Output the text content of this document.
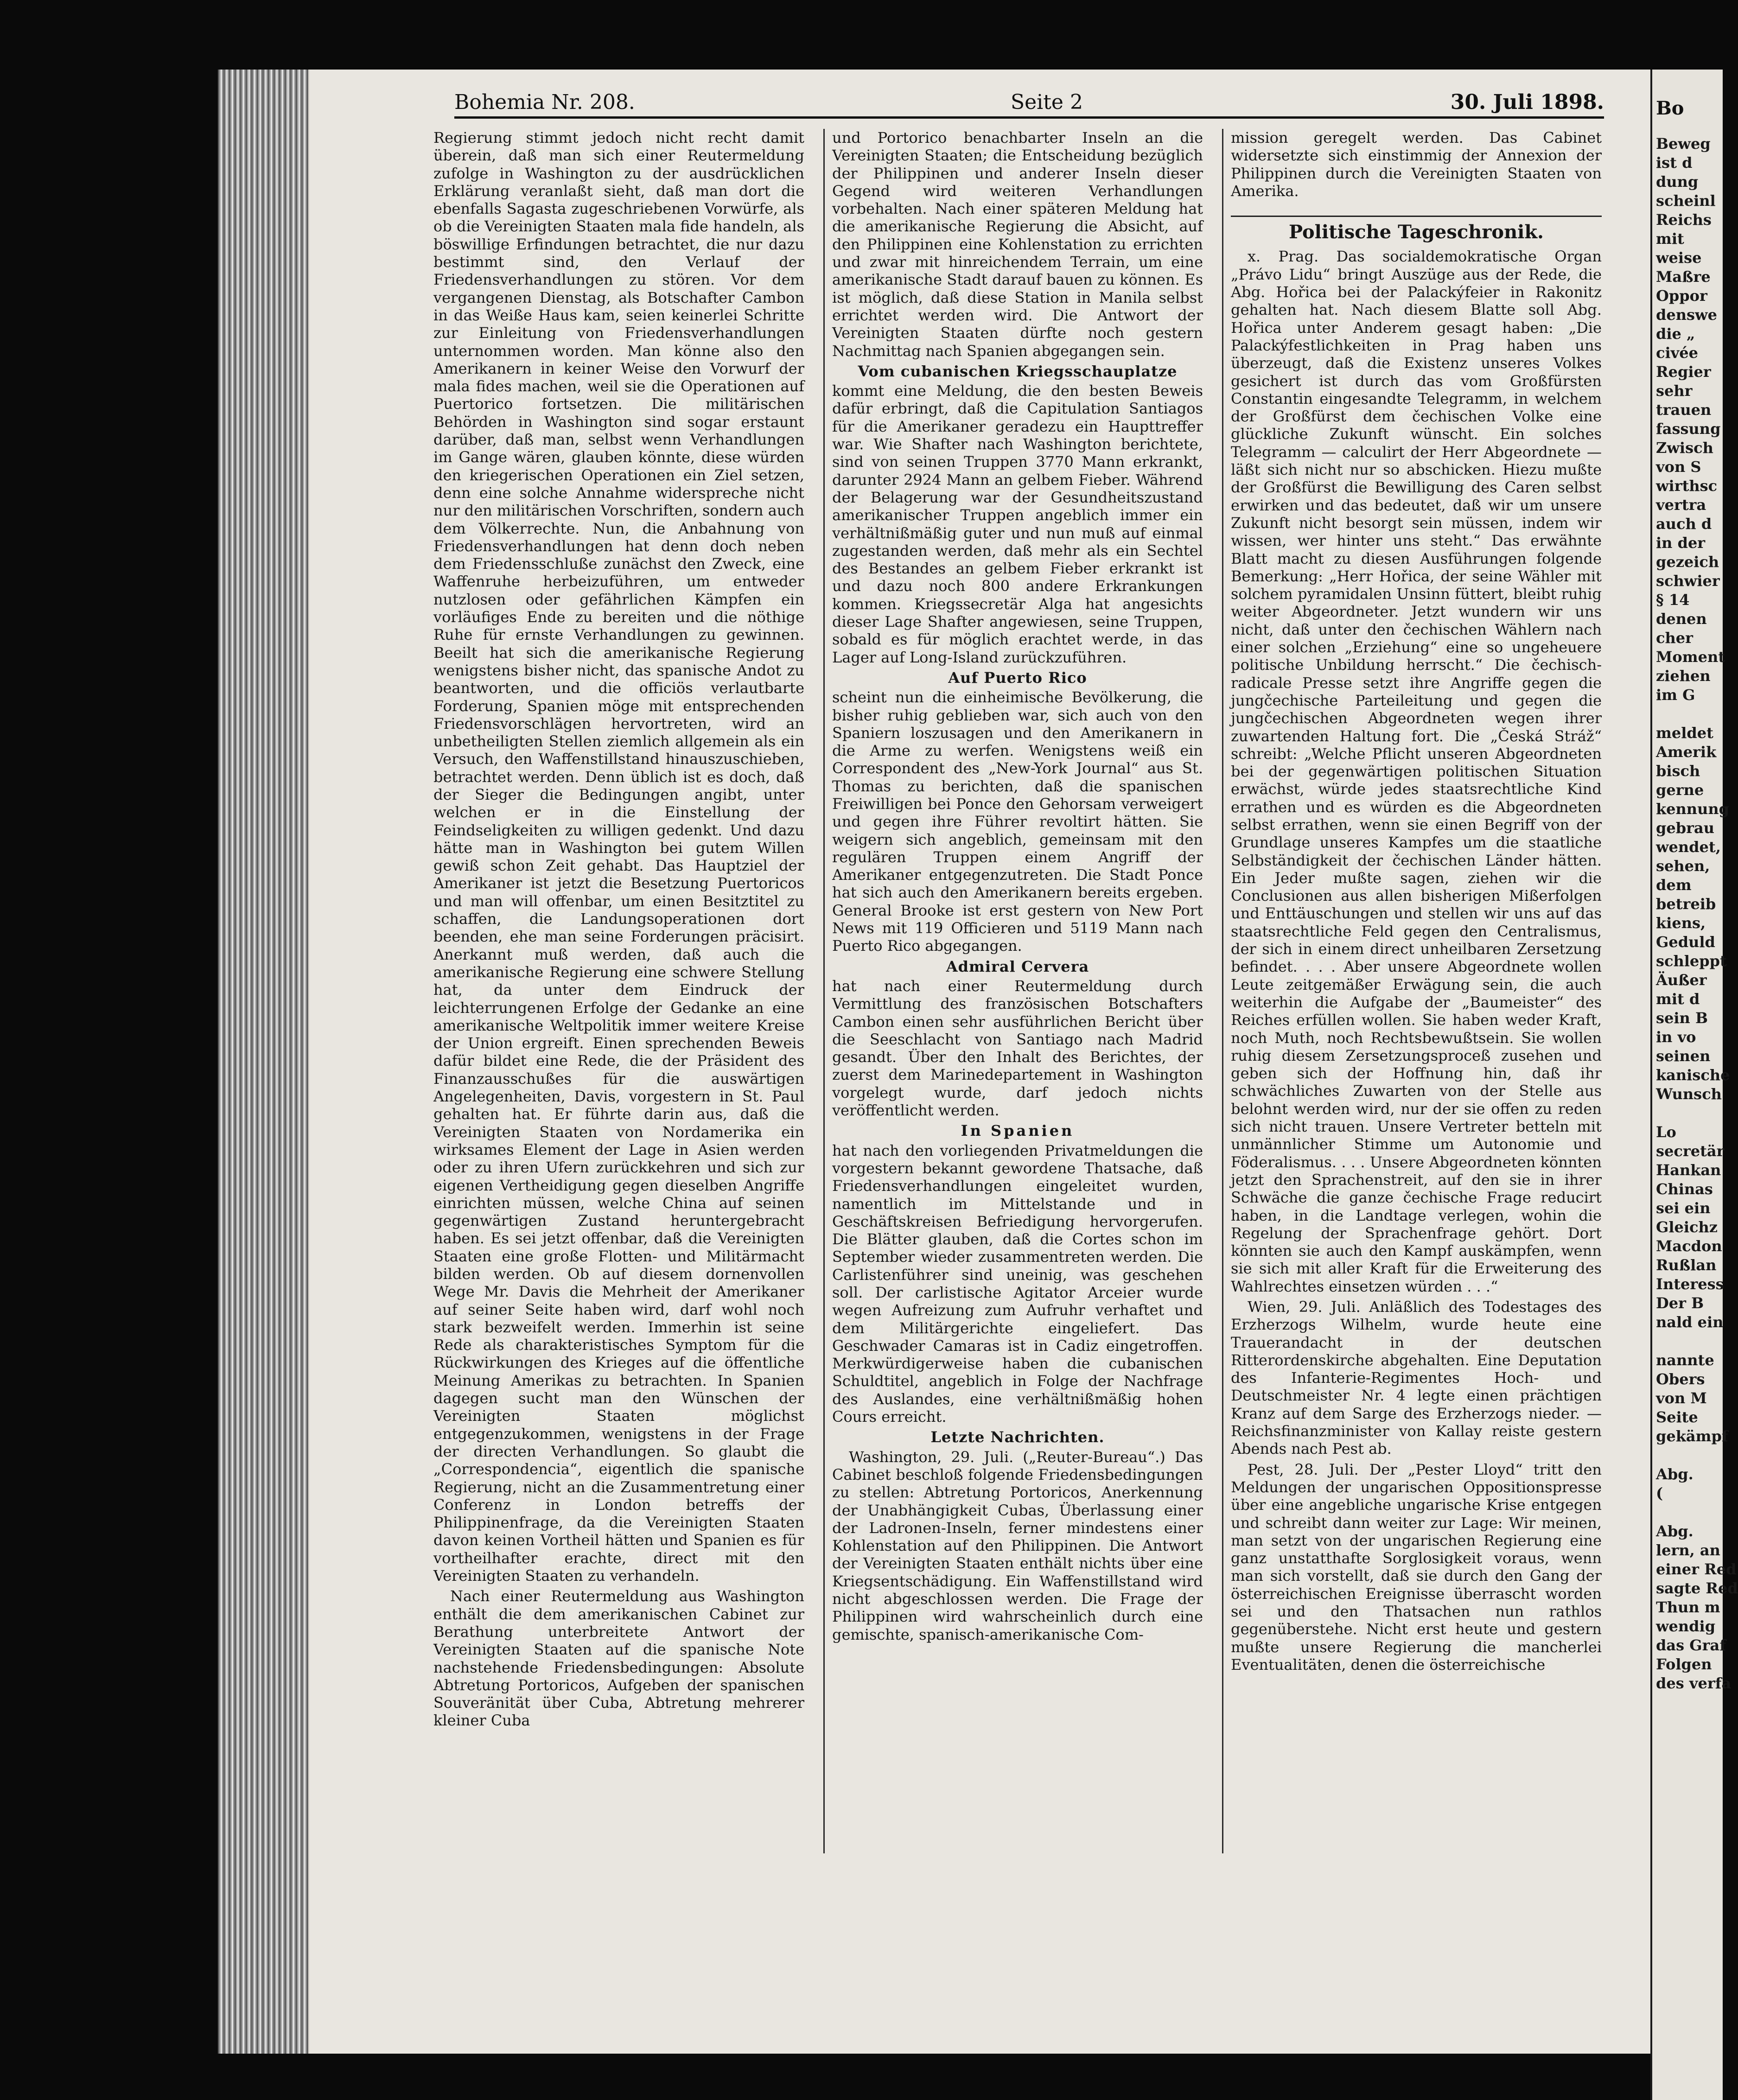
Bohemia Nr. 208.	Seite 2	30. Juli 1898.

Regierung stimmt jedoch nicht recht damit überein, daß man sich einer Reutermeldung zufolge in Washington zu der ausdrücklichen Erklärung veranlaßt sieht, daß man dort die ebenfalls Sagasta zugeschriebenen Vorwürfe, als ob die Vereinigten Staaten mala fide handeln, als böswillige Erfindungen betrachtet, die nur dazu bestimmt sind, den Verlauf der Friedensverhandlungen zu stören. Vor dem vergangenen Dienstag, als Botschafter Cambon in das Weiße Haus kam, seien keinerlei Schritte zur Einleitung von Friedensverhandlungen unternommen worden. Man könne also den Amerikanern in keiner Weise den Vorwurf der mala fides machen, weil sie die Operationen auf Puertorico fortsetzen. Die militärischen Behörden in Washington sind sogar erstaunt darüber, daß man, selbst wenn Verhandlungen im Gange wären, glauben könnte, diese würden den kriegerischen Operationen ein Ziel setzen, denn eine solche Annahme widerspreche nicht nur den militärischen Vorschriften, sondern auch dem Völkerrechte. Nun, die Anbahnung von Friedensverhandlungen hat denn doch neben dem Friedensschluße zunächst den Zweck, eine Waffenruhe herbeizuführen, um entweder nutzlosen oder gefährlichen Kämpfen ein vorläufiges Ende zu bereiten und die nöthige Ruhe für ernste Verhandlungen zu gewinnen. Beeilt hat sich die amerikanische Regierung wenigstens bisher nicht, das spanische Andot zu beantworten, und die officiös verlautbarte Forderung, Spanien möge mit entsprechenden Friedensvorschlägen hervortreten, wird an unbetheiligten Stellen ziemlich allgemein als ein Versuch, den Waffenstillstand hinauszuschieben, betrachtet werden. Denn üblich ist es doch, daß der Sieger die Bedingungen angibt, unter welchen er in die Einstellung der Feindseligkeiten zu willigen gedenkt. Und dazu hätte man in Washington bei gutem Willen gewiß schon Zeit gehabt. Das Hauptziel der Amerikaner ist jetzt die Besetzung Puertoricos und man will offenbar, um einen Besitztitel zu schaffen, die Landungsoperationen dort beenden, ehe man seine Forderungen präcisirt. Anerkannt muß werden, daß auch die amerikanische Regierung eine schwere Stellung hat, da unter dem Eindruck der leichterrungenen Erfolge der Gedanke an eine amerikanische Weltpolitik immer weitere Kreise der Union ergreift. Einen sprechenden Beweis dafür bildet eine Rede, die der Präsident des Finanzausschußes für die auswärtigen Angelegenheiten, Davis, vorgestern in St. Paul gehalten hat. Er führte darin aus, daß die Vereinigten Staaten von Nordamerika ein wirksames Element der Lage in Asien werden oder zu ihren Ufern zurückkehren und sich zur eigenen Vertheidigung gegen dieselben Angriffe einrichten müssen, welche China auf seinen gegenwärtigen Zustand heruntergebracht haben. Es sei jetzt offenbar, daß die Vereinigten Staaten eine große Flotten- und Militärmacht bilden werden. Ob auf diesem dornenvollen Wege Mr. Davis die Mehrheit der Amerikaner auf seiner Seite haben wird, darf wohl noch stark bezweifelt werden. Immerhin ist seine Rede als charakteristisches Symptom für die Rückwirkungen des Krieges auf die öffentliche Meinung Amerikas zu betrachten. In Spanien dagegen sucht man den Wünschen der Vereinigten Staaten möglichst entgegenzukommen, wenigstens in der Frage der directen Verhandlungen. So glaubt die „Correspondencia“, eigentlich die spanische Regierung, nicht an die Zusammentretung einer Conferenz in London betreffs der Philippinenfrage, da die Vereinigten Staaten davon keinen Vortheil hätten und Spanien es für vortheilhafter erachte, direct mit den Vereinigten Staaten zu verhandeln.

Nach einer Reutermeldung aus Washington enthält die dem amerikanischen Cabinet zur Berathung unterbreitete Antwort der Vereinigten Staaten auf die spanische Note nachstehende Friedensbedingungen: Absolute Abtretung Portoricos, Aufgeben der spanischen Souveränität über Cuba, Abtretung mehrerer kleiner Cuba

und Portorico benachbarter Inseln an die Vereinigten Staaten; die Entscheidung bezüglich der Philippinen und anderer Inseln dieser Gegend wird weiteren Verhandlungen vorbehalten. Nach einer späteren Meldung hat die amerikanische Regierung die Absicht, auf den Philippinen eine Kohlenstation zu errichten und zwar mit hinreichendem Terrain, um eine amerikanische Stadt darauf bauen zu können. Es ist möglich, daß diese Station in Manila selbst errichtet werden wird. Die Antwort der Vereinigten Staaten dürfte noch gestern Nachmittag nach Spanien abgegangen sein.

Vom cubanischen Kriegsschauplatze

kommt eine Meldung, die den besten Beweis dafür erbringt, daß die Capitulation Santiagos für die Amerikaner geradezu ein Haupttreffer war. Wie Shafter nach Washington berichtete, sind von seinen Truppen 3770 Mann erkrankt, darunter 2924 Mann an gelbem Fieber. Während der Belagerung war der Gesundheitszustand amerikanischer Truppen angeblich immer ein verhältnißmäßig guter und nun muß auf einmal zugestanden werden, daß mehr als ein Sechtel des Bestandes an gelbem Fieber erkrankt ist und dazu noch 800 andere Erkrankungen kommen. Kriegssecretär Alga hat angesichts dieser Lage Shafter angewiesen, seine Truppen, sobald es für möglich erachtet werde, in das Lager auf Long-Island zurückzuführen.

Auf Puerto Rico

scheint nun die einheimische Bevölkerung, die bisher ruhig geblieben war, sich auch von den Spaniern loszusagen und den Amerikanern in die Arme zu werfen. Wenigstens weiß ein Correspondent des „New-York Journal“ aus St. Thomas zu berichten, daß die spanischen Freiwilligen bei Ponce den Gehorsam verweigert und gegen ihre Führer revoltirt hätten. Sie weigern sich angeblich, gemeinsam mit den regulären Truppen einem Angriff der Amerikaner entgegenzutreten. Die Stadt Ponce hat sich auch den Amerikanern bereits ergeben. General Brooke ist erst gestern von New Port News mit 119 Officieren und 5119 Mann nach Puerto Rico abgegangen.

Admiral Cervera

hat nach einer Reutermeldung durch Vermittlung des französischen Botschafters Cambon einen sehr ausführlichen Bericht über die Seeschlacht von Santiago nach Madrid gesandt. Über den Inhalt des Berichtes, der zuerst dem Marinedepartement in Washington vorgelegt wurde, darf jedoch nichts veröffentlicht werden.

In Spanien

hat nach den vorliegenden Privatmeldungen die vorgestern bekannt gewordene Thatsache, daß Friedensverhandlungen eingeleitet wurden, namentlich im Mittelstande und in Geschäftskreisen Befriedigung hervorgerufen. Die Blätter glauben, daß die Cortes schon im September wieder zusammentreten werden. Die Carlistenführer sind uneinig, was geschehen soll. Der carlistische Agitator Arceier wurde wegen Aufreizung zum Aufruhr verhaftet und dem Militärgerichte eingeliefert. Das Geschwader Camaras ist in Cadiz eingetroffen. Merkwürdigerweise haben die cubanischen Schuldtitel, angeblich in Folge der Nachfrage des Auslandes, eine verhältnißmäßig hohen Cours erreicht.

Letzte Nachrichten.

Washington, 29. Juli. („Reuter-Bureau“.) Das Cabinet beschloß folgende Friedensbedingungen zu stellen: Abtretung Portoricos, Anerkennung der Unabhängigkeit Cubas, Überlassung einer der Ladronen-Inseln, ferner mindestens einer Kohlenstation auf den Philippinen. Die Antwort der Vereinigten Staaten enthält nichts über eine Kriegsentschädigung. Ein Waffenstillstand wird nicht abgeschlossen werden. Die Frage der Philippinen wird wahrscheinlich durch eine gemischte, spanisch-amerikanische Com-

mission geregelt werden. Das Cabinet widersetzte sich einstimmig der Annexion der Philippinen durch die Vereinigten Staaten von Amerika.

Politische Tageschronik.

x. Prag. Das socialdemokratische Organ „Právo Lidu“ bringt Auszüge aus der Rede, die Abg. Hořica bei der Palackýfeier in Rakonitz gehalten hat. Nach diesem Blatte soll Abg. Hořica unter Anderem gesagt haben: „Die Palackýfestlichkeiten in Prag haben uns überzeugt, daß die Existenz unseres Volkes gesichert ist durch das vom Großfürsten Constantin eingesandte Telegramm, in welchem der Großfürst dem čechischen Volke eine glückliche Zukunft wünscht. Ein solches Telegramm — calculirt der Herr Abgeordnete — läßt sich nicht nur so abschicken. Hiezu mußte der Großfürst die Bewilligung des Caren selbst erwirken und das bedeutet, daß wir um unsere Zukunft nicht besorgt sein müssen, indem wir wissen, wer hinter uns steht.“ Das erwähnte Blatt macht zu diesen Ausführungen folgende Bemerkung: „Herr Hořica, der seine Wähler mit solchem pyramidalen Unsinn füttert, bleibt ruhig weiter Abgeordneter. Jetzt wundern wir uns nicht, daß unter den čechischen Wählern nach einer solchen „Erziehung“ eine so ungeheuere politische Unbildung herrscht.“ Die čechisch-radicale Presse setzt ihre Angriffe gegen die jungčechische Parteileitung und gegen die jungčechischen Abgeordneten wegen ihrer zuwartenden Haltung fort. Die „Česká Stráž“ schreibt: „Welche Pflicht unseren Abgeordneten bei der gegenwärtigen politischen Situation erwächst, würde jedes staatsrechtliche Kind errathen und es würden es die Abgeordneten selbst errathen, wenn sie einen Begriff von der Grundlage unseres Kampfes um die staatliche Selbständigkeit der čechischen Länder hätten. Ein Jeder mußte sagen, ziehen wir die Conclusionen aus allen bisherigen Mißerfolgen und Enttäuschungen und stellen wir uns auf das staatsrechtliche Feld gegen den Centralismus, der sich in einem direct unheilbaren Zersetzung befindet. . . . Aber unsere Abgeordnete wollen Leute zeitgemäßer Erwägung sein, die auch weiterhin die Aufgabe der „Baumeister“ des Reiches erfüllen wollen. Sie haben weder Kraft, noch Muth, noch Rechtsbewußtsein. Sie wollen ruhig diesem Zersetzungsproceß zusehen und geben sich der Hoffnung hin, daß ihr schwächliches Zuwarten von der Stelle aus belohnt werden wird, nur der sie offen zu reden sich nicht trauen. Unsere Vertreter betteln mit unmännlicher Stimme um Autonomie und Föderalismus. . . . Unsere Abgeordneten könnten jetzt den Sprachenstreit, auf den sie in ihrer Schwäche die ganze čechische Frage reducirt haben, in die Landtage verlegen, wohin die Regelung der Sprachenfrage gehört. Dort könnten sie auch den Kampf auskämpfen, wenn sie sich mit aller Kraft für die Erweiterung des Wahlrechtes einsetzen würden . . .“

Wien, 29. Juli. Anläßlich des Todestages des Erzherzogs Wilhelm, wurde heute eine Trauerandacht in der deutschen Ritterordenskirche abgehalten. Eine Deputation des Infanterie-Regimentes Hoch- und Deutschmeister Nr. 4 legte einen prächtigen Kranz auf dem Sarge des Erzherzogs nieder. — Reichsfinanzminister von Kallay reiste gestern Abends nach Pest ab.

Pest, 28. Juli. Der „Pester Lloyd“ tritt den Meldungen der ungarischen Oppositionspresse über eine angebliche ungarische Krise entgegen und schreibt dann weiter zur Lage: Wir meinen, man setzt von der ungarischen Regierung eine ganz unstatthafte Sorglosigkeit voraus, wenn man sich vorstellt, daß sie durch den Gang der österreichischen Ereignisse überrascht worden sei und den Thatsachen nun rathlos gegenüberstehe. Nicht erst heute und gestern mußte unsere Regierung die mancherlei Eventualitäten, denen die österreichische

Bo
Beweg
ist d
dung
scheinl
Reichs
mit
weise
Maßre
Oppor
denswe
die „
civée
Regier
sehr
trauen
fassung
Zwisch
von S
wirthsc
vertra
auch d
in der
gezeich
schwier
§ 14
denen
cher
Moment
ziehen
im G
meldet
Amerik
bisch
gerne
kennung
gebrau
wendet,
sehen,
dem
betreib
kiens,
Geduld
schleppt
Äußer
mit d
sein B
in vo
seinen
kanische
Wunsch
Lo
secretär
Hankan
Chinas
sei ein
Gleichz
Macdon
Rußlan
Interess
Der B
nald ein
nannte
Obers
von M
Seite
gekämpf
Abg.
(
Abg.
lern, an
einer Red
sagte Red
Thun m
wendig
das Graf
Folgen
des verfa
